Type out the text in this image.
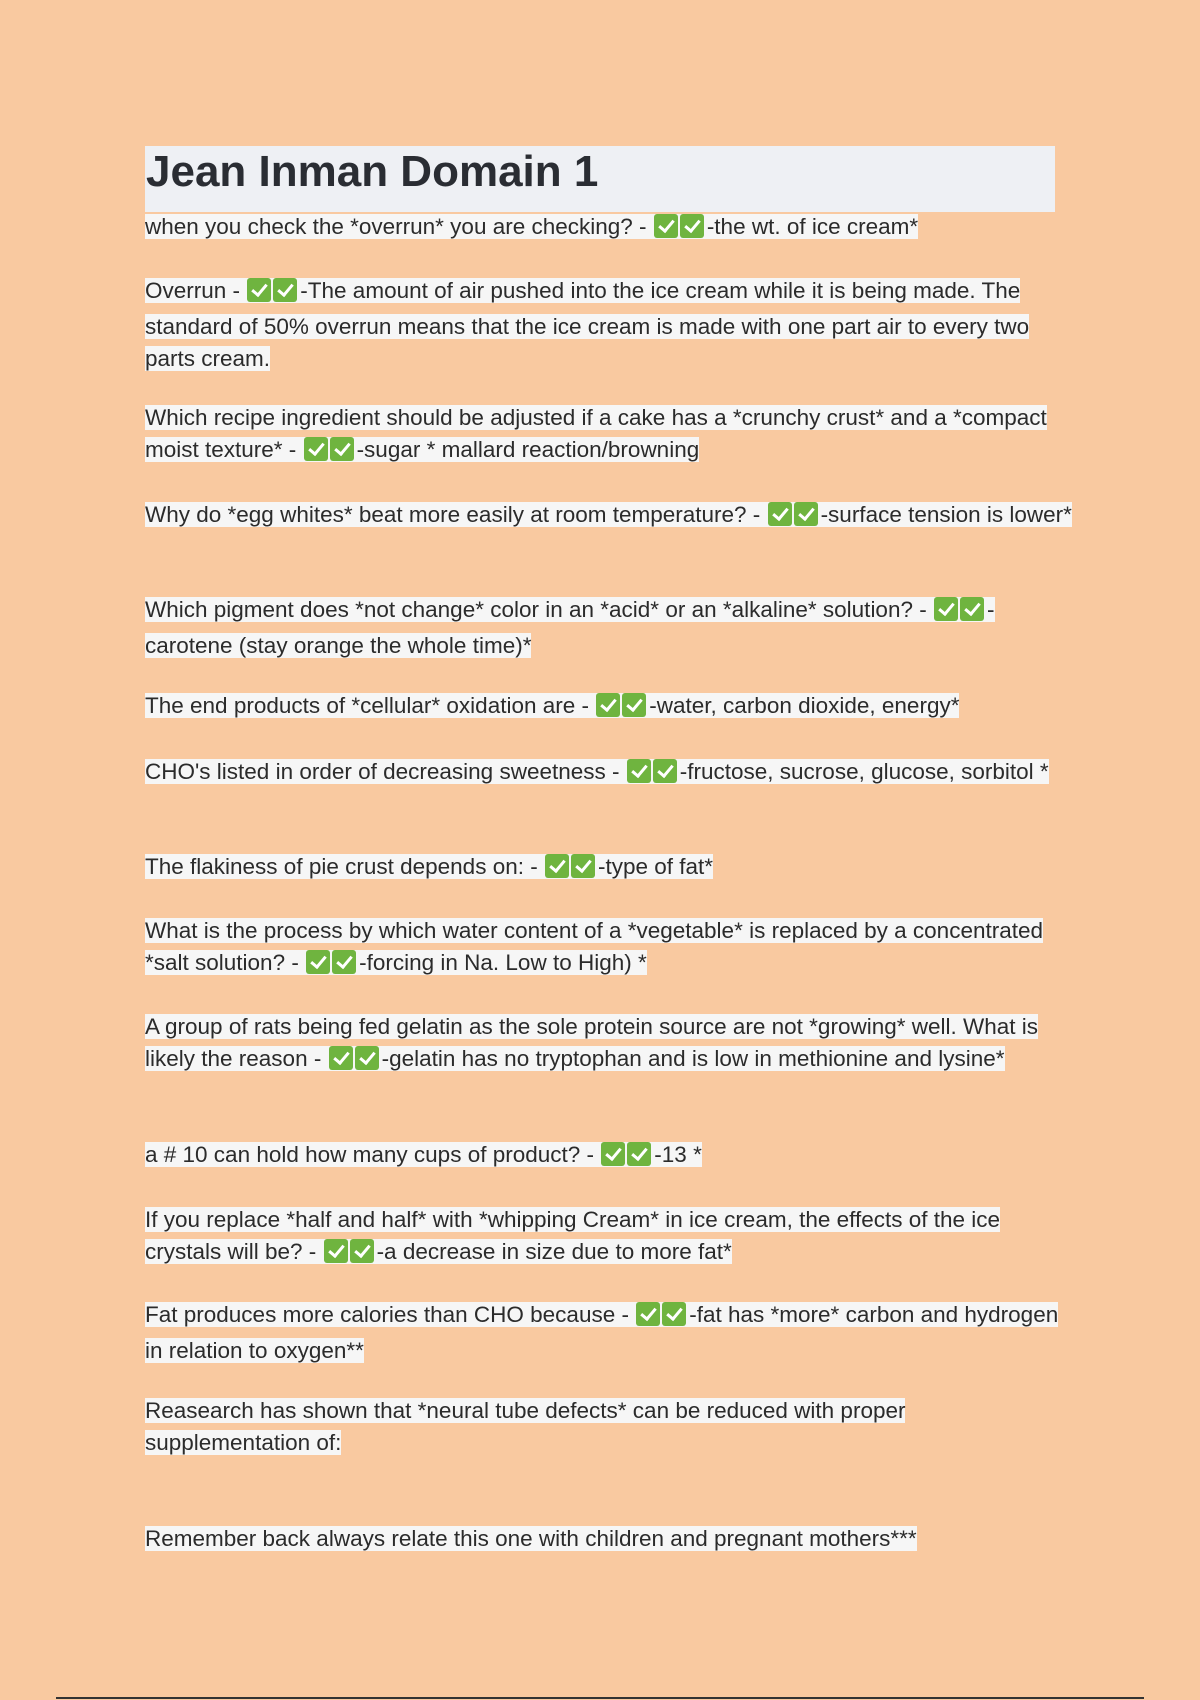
Jean Inman Domain 1

when you check the *overrun* you are checking? -	-the wt. of ice cream*

Overrun -	-The amount of air pushed into the ice cream while it is being made. The standard of 50% overrun means that the ice cream is made with one part air to every two parts cream.

Which recipe ingredient should be adjusted if a cake has a *crunchy crust* and a *compact moist texture* -	-sugar * mallard reaction/browning

Why do *egg whites* beat more easily at room temperature? -	-surface tension is lower*

Which pigment does *not change* color in an *acid* or an *alkaline* solution? -	-carotene (stay orange the whole time)*

The end products of *cellular* oxidation are -	-water, carbon dioxide, energy*

CHO's listed in order of decreasing sweetness -	-fructose, sucrose, glucose, sorbitol *

The flakiness of pie crust depends on: -	-type of fat*

What is the process by which water content of a *vegetable* is replaced by a concentrated *salt solution? -	-forcing in Na. Low to High) *

A group of rats being fed gelatin as the sole protein source are not *growing* well. What is likely the reason -	-gelatin has no tryptophan and is low in methionine and lysine*

a # 10 can hold how many cups of product? -	-13 *

If you replace *half and half* with *whipping Cream* in ice cream, the effects of the ice crystals will be? -	-a decrease in size due to more fat*

Fat produces more calories than CHO because -	-fat has *more* carbon and hydrogen in relation to oxygen**

Reasearch has shown that *neural tube defects* can be reduced with proper supplementation of:

Remember back always relate this one with children and pregnant mothers***
